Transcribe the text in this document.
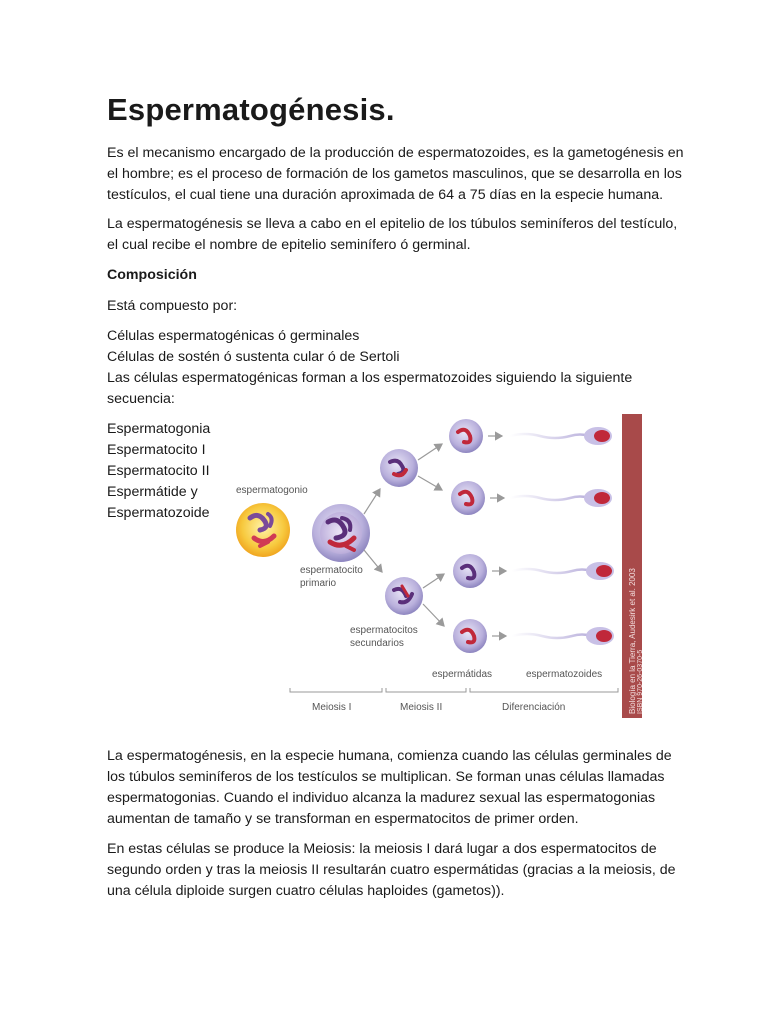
Espermatogénesis.

Es el mecanismo encargado de la producción de espermatozoides, es la gametogénesis en
el hombre; es el proceso de formación de los gametos masculinos, que se desarrolla en los
testículos, el cual tiene una duración aproximada de 64 a 75 días en la especie humana.

La espermatogénesis se lleva a cabo en el epitelio de los túbulos seminíferos del testículo,
el cual recibe el nombre de epitelio seminífero ó germinal.

Composición

Está compuesto por:

Células espermatogénicas ó germinales
Células de sostén ó sustenta cular ó de Sertoli
Las células espermatogénicas forman a los espermatozoides siguiendo la siguiente
secuencia:

Espermatogonia
Espermatocito I
Espermatocito II
Espermátide y
Espermatozoide

espermatogonio
espermatocito
primario
espermatocitos
secundarios
espermátidas	espermatozoides
Meiosis I	Meiosis II	Diferenciación	Biología en la Tierra, Audesirk et al. 2003 ISBN 970-26-0370-5

La espermatogénesis, en la especie humana, comienza cuando las células germinales de
los túbulos seminíferos de los testículos se multiplican. Se forman unas células llamadas
espermatogonias. Cuando el individuo alcanza la madurez sexual las espermatogonias
aumentan de tamaño y se transforman en espermatocitos de primer orden.

En estas células se produce la Meiosis: la meiosis I dará lugar a dos espermatocitos de
segundo orden y tras la meiosis II resultarán cuatro espermátidas (gracias a la meiosis, de
una célula diploide surgen cuatro células haploides (gametos)).
